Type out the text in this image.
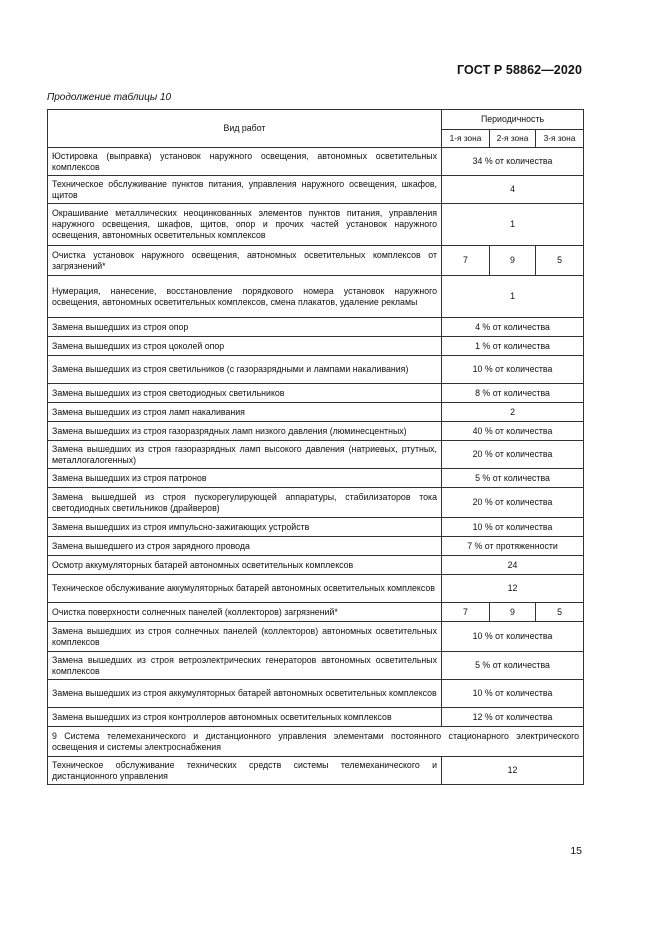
ГОСТ Р 58862—2020
Продолжение таблицы 10
Вид работ	Периодичность		
	1-я зона	2-я зона	3-я зона
Юстировка (выправка) установок наружного освещения, автономных осветительных комплексов	34 % от количества		
Техническое обслуживание пунктов питания, управления наружного освещения, шкафов, щитов	4		
Окрашивание металлических неоцинкованных элементов пунктов питания, управления наружного освещения, шкафов, щитов, опор и прочих частей установок наружного освещения, автономных осветительных комплексов	1		
Очистка установок наружного освещения, автономных осветительных комплексов от загрязнений*	7	9	5
Нумерация, нанесение, восстановление порядкового номера установок наружного освещения, автономных осветительных комплексов, смена плакатов, удаление рекламы	1		
Замена вышедших из строя опор	4 % от количества		
Замена вышедших из строя цоколей опор	1 % от количества		
Замена вышедших из строя светильников (с газоразрядными и лампами накаливания)	10 % от количества		
Замена вышедших из строя светодиодных светильников	8 % от количества		
Замена вышедших из строя ламп накаливания	2		
Замена вышедших из строя газоразрядных ламп низкого давления (люминесцентных)	40 % от количества		
Замена вышедших из строя газоразрядных ламп высокого давления (натриевых, ртутных, металлогалогенных)	20 % от количества		
Замена вышедших из строя патронов	5 % от количества		
Замена вышедшей из строя пускорегулирующей аппаратуры, стабилизаторов тока светодиодных светильников (драйверов)	20 % от количества		
Замена вышедших из строя импульсно-зажигающих устройств	10 % от количества		
Замена вышедшего из строя зарядного провода	7 % от протяженности		
Осмотр аккумуляторных батарей автономных осветительных комплексов	24		
Техническое обслуживание аккумуляторных батарей автономных осветительных комплексов	12		
Очистка поверхности солнечных панелей (коллекторов) загрязнений*	7	9	5
Замена вышедших из строя солнечных панелей (коллекторов) автономных осветительных комплексов	10 % от количества		
Замена вышедших из строя ветроэлектрических генераторов автономных осветительных комплексов	5 % от количества		
Замена вышедших из строя аккумуляторных батарей автономных осветительных комплексов	10 % от количества		
Замена вышедших из строя контроллеров автономных осветительных комплексов	12 % от количества		
9 Система телемеханического и дистанционного управления элементами постоянного стационарного электрического освещения и системы электроснабжения			
Техническое обслуживание технических средств системы телемеханического и дистанционного управления	12		
15
